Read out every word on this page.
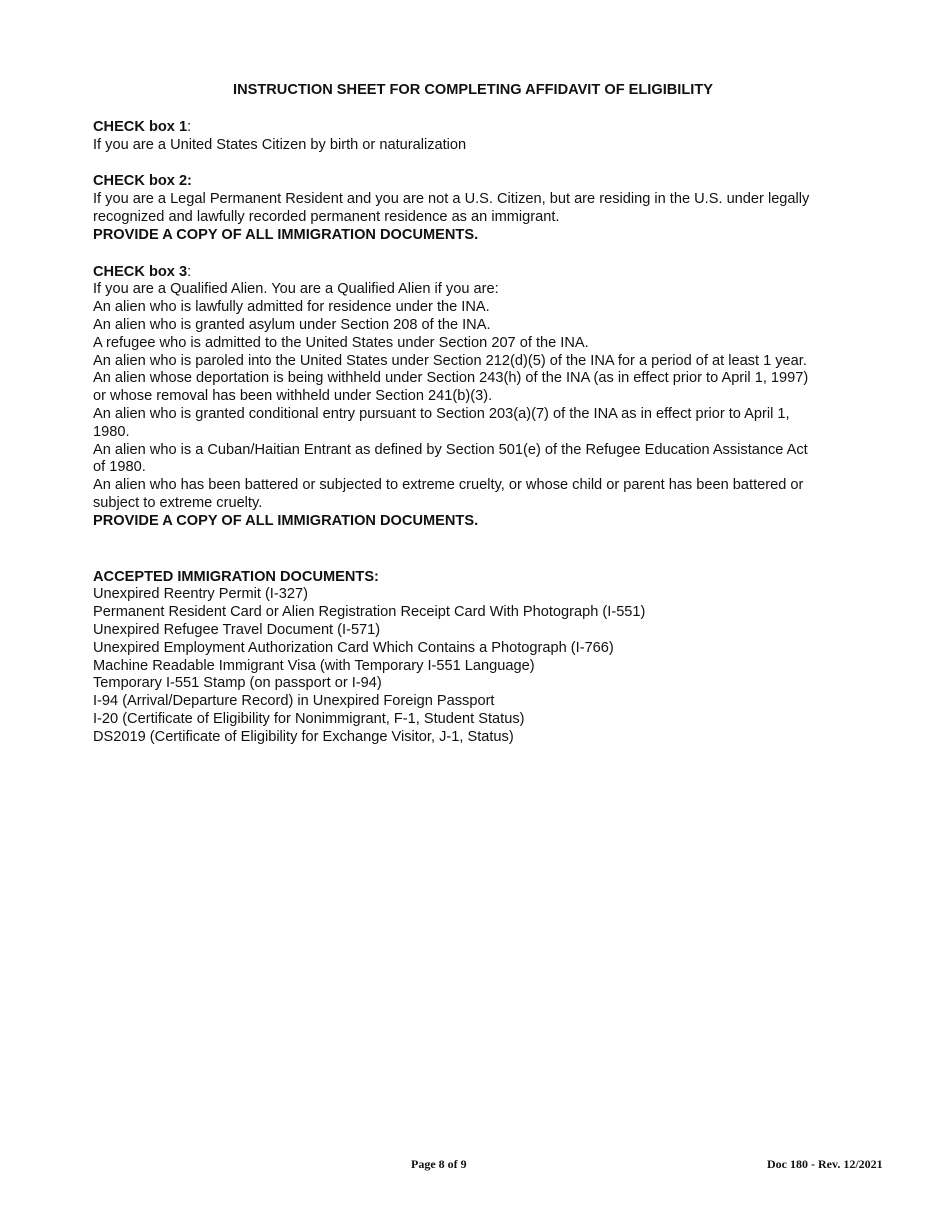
INSTRUCTION SHEET FOR COMPLETING AFFIDAVIT OF ELIGIBILITY
CHECK box 1:
If you are a United States Citizen by birth or naturalization
CHECK box 2:
If you are a Legal Permanent Resident and you are not a U.S. Citizen, but are residing in the U.S. under legally
recognized and lawfully recorded permanent residence as an immigrant.
PROVIDE A COPY OF ALL IMMIGRATION DOCUMENTS.
CHECK box 3:
If you are a Qualified Alien. You are a Qualified Alien if you are:
An alien who is lawfully admitted for residence under the INA.
An alien who is granted asylum under Section 208 of the INA.
A refugee who is admitted to the United States under Section 207 of the INA.
An alien who is paroled into the United States under Section 212(d)(5) of the INA for a period of at least 1 year.
An alien whose deportation is being withheld under Section 243(h) of the INA (as in effect prior to April 1, 1997)
or whose removal has been withheld under Section 241(b)(3).
An alien who is granted conditional entry pursuant to Section 203(a)(7) of the INA as in effect prior to April 1,
1980.
An alien who is a Cuban/Haitian Entrant as defined by Section 501(e) of the Refugee Education Assistance Act
of 1980.
An alien who has been battered or subjected to extreme cruelty, or whose child or parent has been battered or
subject to extreme cruelty.
PROVIDE A COPY OF ALL IMMIGRATION DOCUMENTS.
ACCEPTED IMMIGRATION DOCUMENTS:
Unexpired Reentry Permit (I-327)
Permanent Resident Card or Alien Registration Receipt Card With Photograph (I-551)
Unexpired Refugee Travel Document (I-571)
Unexpired Employment Authorization Card Which Contains a Photograph (I-766)
Machine Readable Immigrant Visa (with Temporary I-551 Language)
Temporary I-551 Stamp (on passport or I-94)
I-94 (Arrival/Departure Record) in Unexpired Foreign Passport
I-20 (Certificate of Eligibility for Nonimmigrant, F-1, Student Status)
DS2019 (Certificate of Eligibility for Exchange Visitor, J-1, Status)
Page 8 of 9	Doc 180 - Rev. 12/2021
